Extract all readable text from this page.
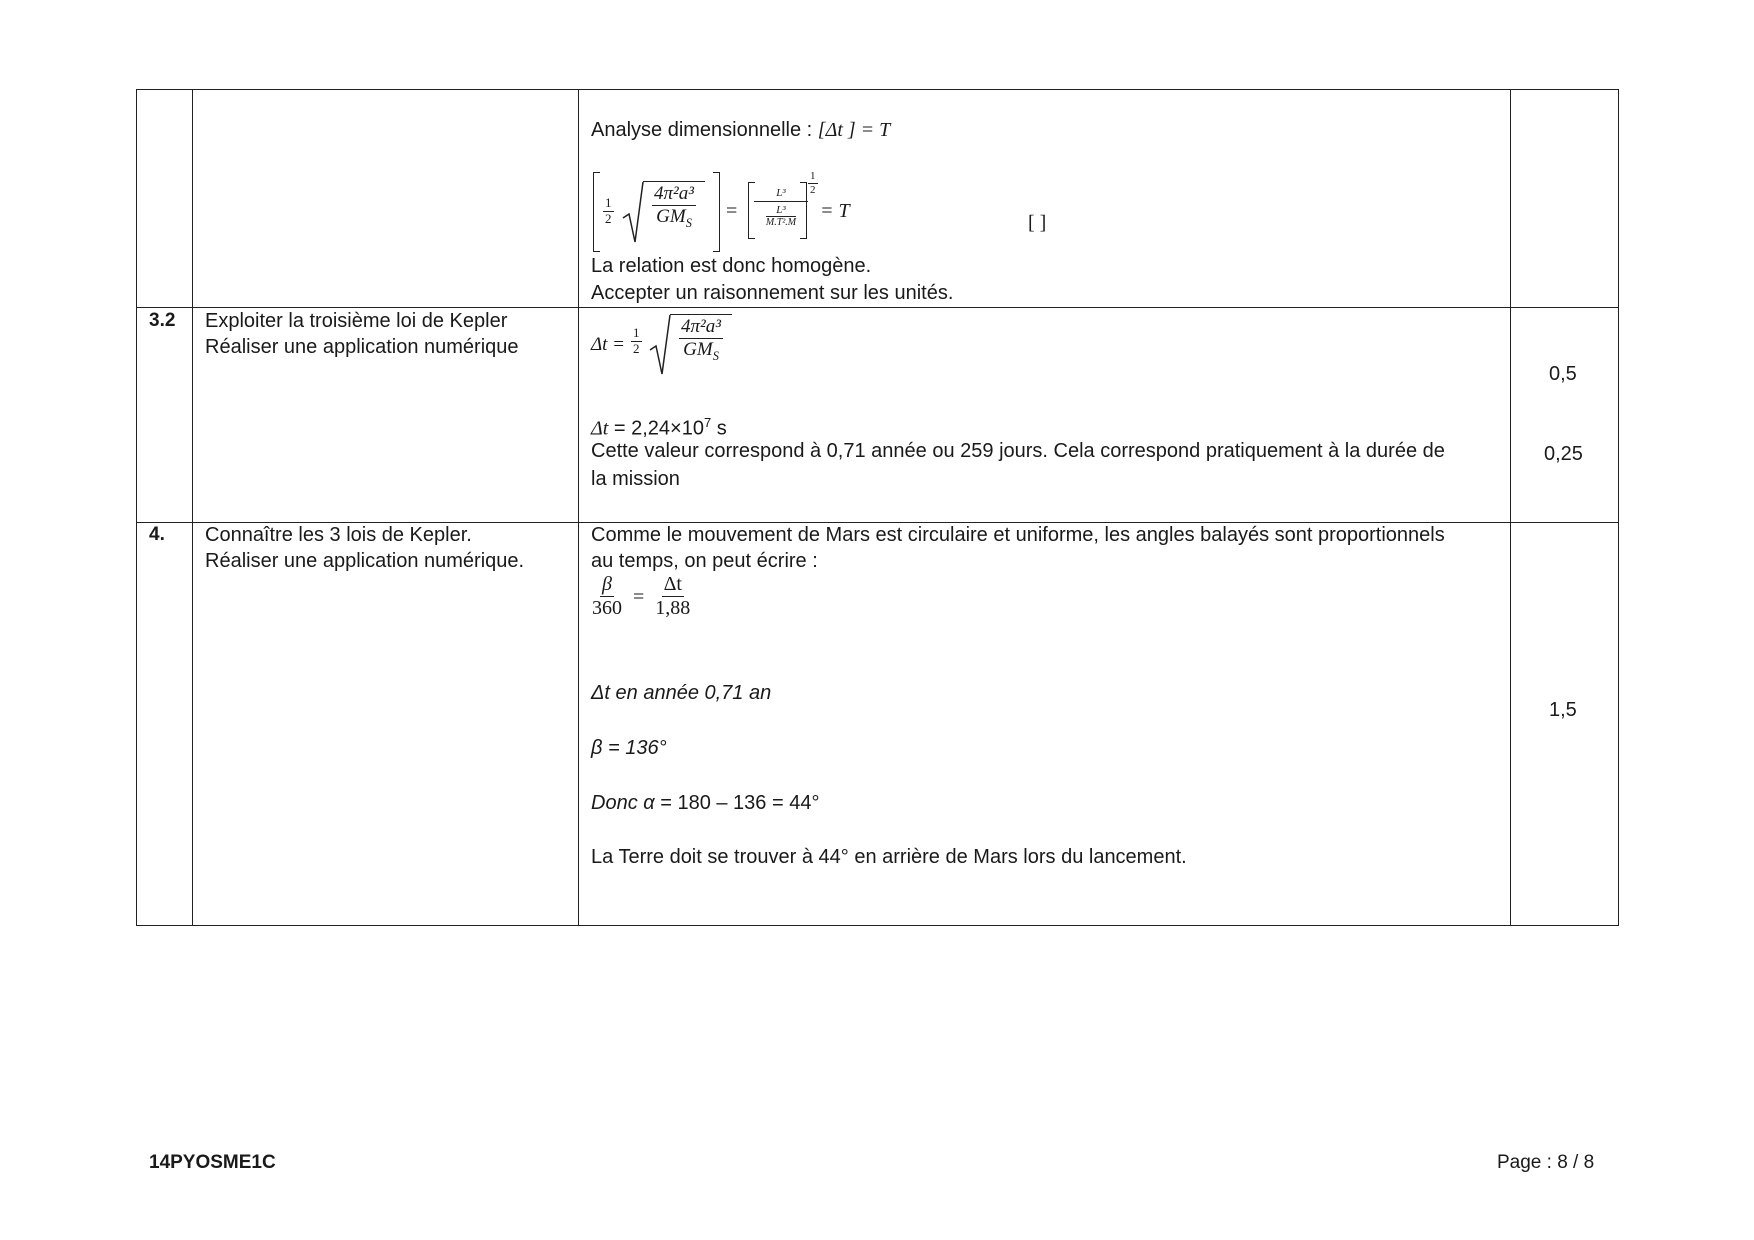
Analyse dimensionnelle : [Δt ] = T
$\frac{1}{2} \frac{\text{4π²a³}}{GM_S}$ =
L³
$\frac{\text{L³}}{\text{M.T².M}}$
$\frac{1}{2}$
= T
[ ]
La relation est donc homogène.
Accepter un raisonnement sur les unités.
3.2 Exploiter la troisième loi de Kepler
Réaliser une application numérique	$\Delta t = \frac{1}{2} \frac{\text{4π²a³}}{GM_S}$
$\Delta t = 2,24\times 10^7$ s
Cette valeur correspond à 0,71 année ou 259 jours. Cela correspond pratiquement à la durée de
la mission
0,5
0,25
4. Connaître les 3 lois de Kepler.
Réaliser une application numérique.
Comme le mouvement de Mars est circulaire et uniforme, les angles balayés sont proportionnels
au temps, on peut écrire :
$\frac{\beta}{360} = \frac{\Delta t}{1,88}$
Δt en année 0,71 an
β = 136°
Donc α = 180 – 136 = 44°
La Terre doit se trouver à 44° en arrière de Mars lors du lancement.
1,5
14PYOSME1C	Page : 8 / 8
